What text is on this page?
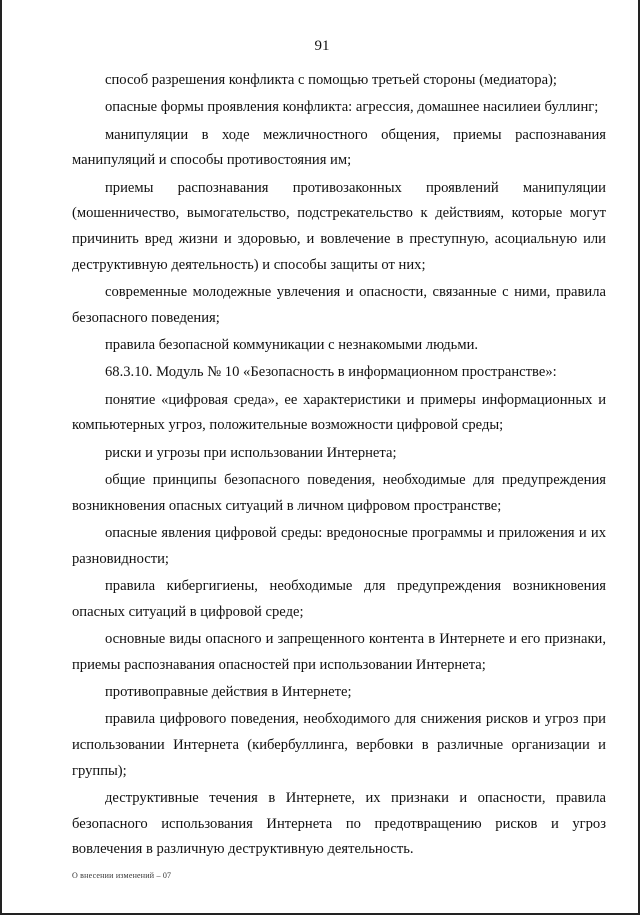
91

способ разрешения конфликта с помощью третьей стороны (медиатора);

опасные формы проявления конфликта: агрессия, домашнее насилиеи буллинг;

манипуляции в ходе межличностного общения, приемы распознавания манипуляций и способы противостояния им;

приемы распознавания противозаконных проявлений манипуляции (мошенничество, вымогательство, подстрекательство к действиям, которые могут причинить вред жизни и здоровью, и вовлечение в преступную, асоциальную или деструктивную деятельность) и способы защиты от них;

современные молодежные увлечения и опасности, связанные с ними, правила безопасного поведения;

правила безопасной коммуникации с незнакомыми людьми.

68.3.10. Модуль № 10 «Безопасность в информационном пространстве»:

понятие «цифровая среда», ее характеристики и примеры информационных и компьютерных угроз, положительные возможности цифровой среды;

риски и угрозы при использовании Интернета;

общие принципы безопасного поведения, необходимые для предупреждения возникновения опасных ситуаций в личном цифровом пространстве;

опасные явления цифровой среды: вредоносные программы и приложения и их разновидности;

правила кибергигиены, необходимые для предупреждения возникновения опасных ситуаций в цифровой среде;

основные виды опасного и запрещенного контента в Интернете и его признаки, приемы распознавания опасностей при использовании Интернета;

противоправные действия в Интернете;

правила цифрового поведения, необходимого для снижения рисков и угроз при использовании Интернета (кибербуллинга, вербовки в различные организации и группы);

деструктивные течения в Интернете, их признаки и опасности, правила безопасного использования Интернета по предотвращению рисков и угроз вовлечения в различную деструктивную деятельность.

О внесении изменений – 07
